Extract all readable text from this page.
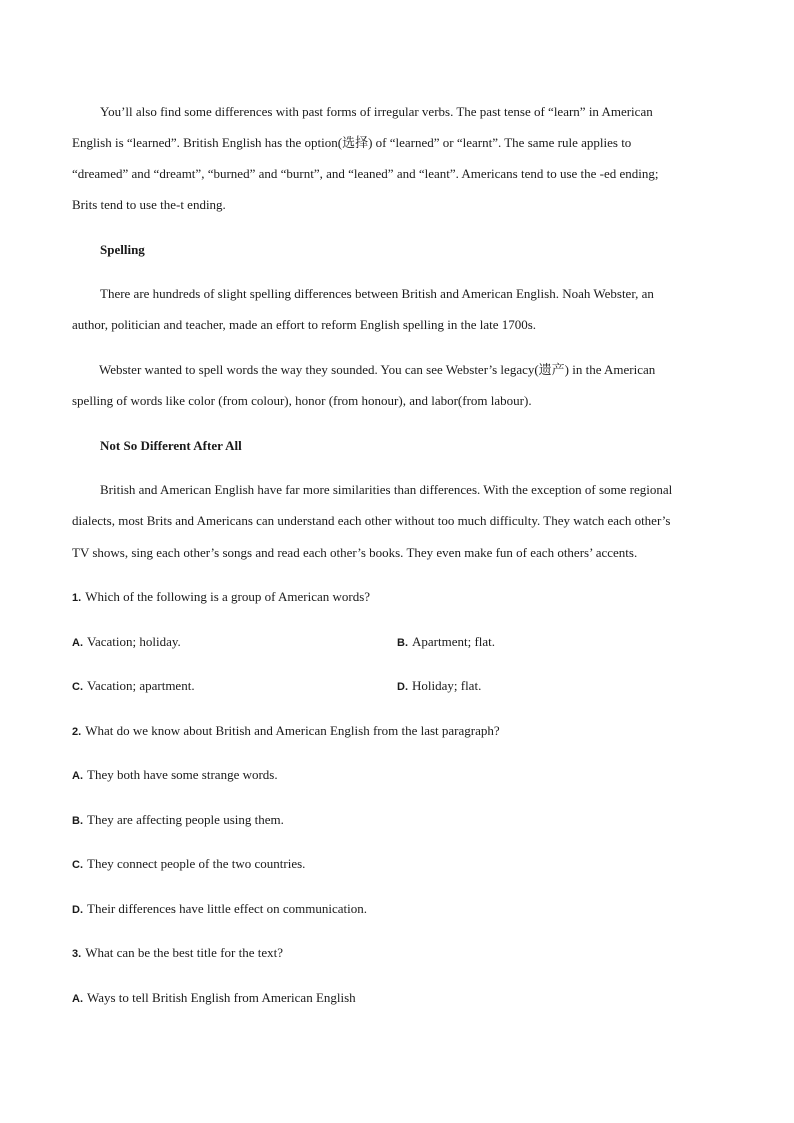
You’ll also find some differences with past forms of irregular verbs. The past tense of “learn” in American
English is “learned”. British English has the option(选择) of “learned” or “learnt”. The same rule applies to
“dreamed” and “dreamt”, “burned” and “burnt”, and “leaned” and “leant”. Americans tend to use the -ed ending;
Brits tend to use the-t ending.
Spelling
There are hundreds of slight spelling differences between British and American English. Noah Webster, an
author, politician and teacher, made an effort to reform English spelling in the late 1700s.
Webster wanted to spell words the way they sounded. You can see Webster’s legacy(遗产) in the American
spelling of words like color (from colour), honor (from honour), and labor(from labour).
Not So Different After All
British and American English have far more similarities than differences. With the exception of some regional
dialects, most Brits and Americans can understand each other without too much difficulty. They watch each other’s
TV shows, sing each other’s songs and read each other’s books. They even make fun of each others’ accents.
1. Which of the following is a group of American words?
A. Vacation; holiday.	B. Apartment; flat.
C. Vacation; apartment.	D. Holiday; flat.
2. What do we know about British and American English from the last paragraph?
A. They both have some strange words.
B. They are affecting people using them.
C. They connect people of the two countries.
D. Their differences have little effect on communication.
3. What can be the best title for the text?
A. Ways to tell British English from American English
